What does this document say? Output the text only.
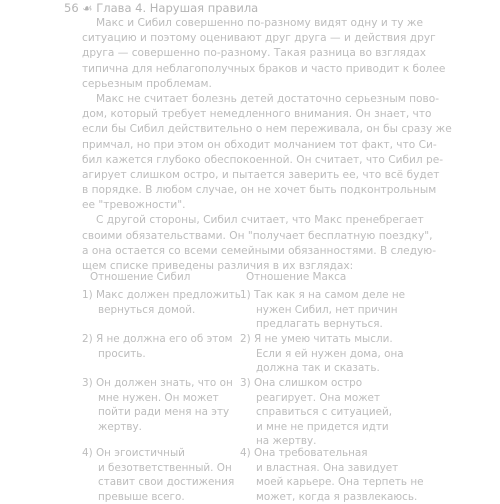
56 ☙ Глава 4. Нарушая правила
Макс и Сибил совершенно по-разному видят одну и ту же
ситуацию и поэтому оценивают друг друга — и действия друг
друга — совершенно по-разному. Такая разница во взглядах
типична для неблагополучных браков и часто приводит к более
серьезным проблемам.
Макс не считает болезнь детей достаточно серьезным пово-
дом, который требует немедленного внимания. Он знает, что
если бы Сибил действительно о нем переживала, он бы сразу же
примчал, но при этом он обходит молчанием тот факт, что Си-
бил кажется глубоко обеспокоенной. Он считает, что Сибил ре-
агирует слишком остро, и пытается заверить ее, что всё будет
в порядке. В любом случае, он не хочет быть подконтрольным
ее "тревожности".
С другой стороны, Сибил считает, что Макс пренебрегает
своими обязательствами. Он "получает бесплатную поездку",
а она остается со всеми семейными обязанностями. В следую-
щем списке приведены различия в их взглядах:
Отношение Сибил	Отношение Макса
1) Макс должен предложить
вернуться домой.
2) Я не должна его об этом
просить.
3) Он должен знать, что он
мне нужен. Он может
пойти ради меня на эту
жертву.
4) Он эгоистичный
и безответственный. Он
ставит свои достижения
превыше всего.
1) Так как я на самом деле не
нужен Сибил, нет причин
предлагать вернуться.
2) Я не умею читать мысли.
Если я ей нужен дома, она
должна так и сказать.
3) Она слишком остро
реагирует. Она может
справиться с ситуацией,
и мне не придется идти
на жертву.
4) Она требовательная
и властная. Она завидует
моей карьере. Она терпеть не
может, когда я развлекаюсь.
